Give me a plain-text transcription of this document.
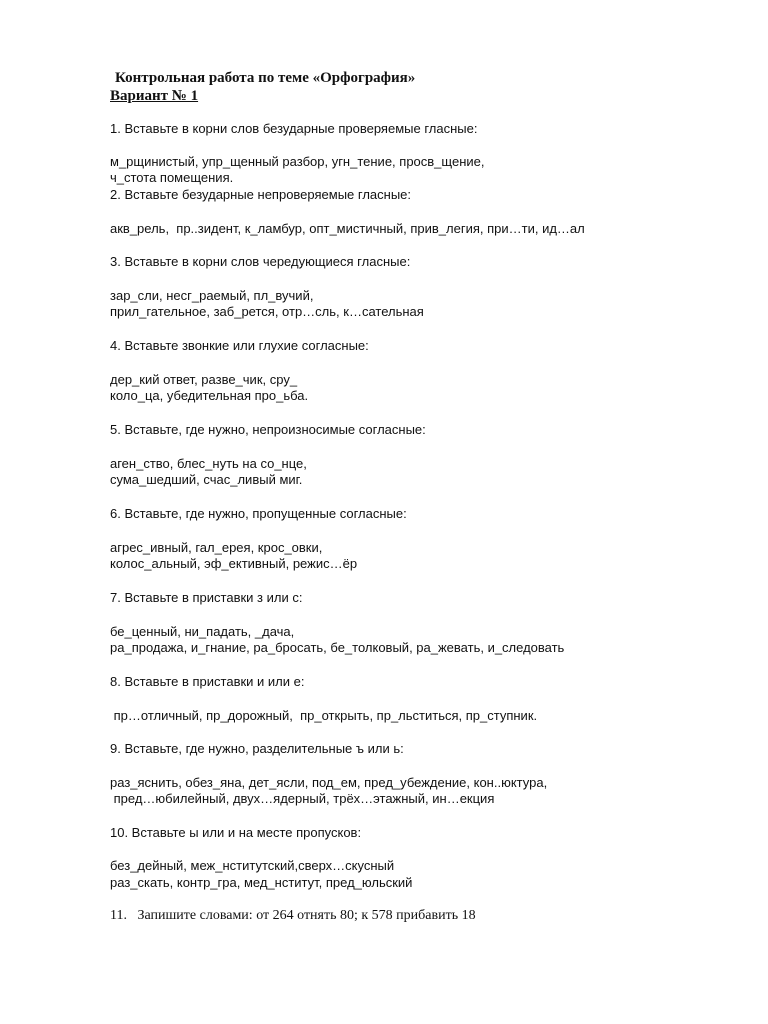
Контрольная работа по теме «Орфография»

Вариант № 1

1. Вставьте в корни слов безударные проверяемые гласные:

м_рщинистый, упр_щенный разбор, угн_тение, просв_щение,

ч_стота помещения.

2. Вставьте безударные непроверяемые гласные:

акв_рель,  пр..зидент, к_ламбур, опт_мистичный, прив_легия, при…ти, ид…ал

3. Вставьте в корни слов чередующиеся гласные:

зар_сли, несг_раемый, пл_вучий,

прил_гательное, заб_рется, отр…сль, к…сательная

4. Вставьте звонкие или глухие согласные:

дер_кий ответ, разве_чик, сру_

коло_ца, убедительная про_ьба.

5. Вставьте, где нужно, непроизносимые согласные:

аген_ство, блес_нуть на со_нце,

сума_шедший, счас_ливый миг.

6. Вставьте, где нужно, пропущенные согласные:

агрес_ивный, гал_ерея, крос_овки,

колос_альный, эф_ективный, режис…ёр

7. Вставьте в приставки з или с:

бе_ценный, ни_падать, _дача,

ра_продажа, и_гнание, ра_бросать, бе_толковый, ра_жевать, и_следовать

8. Вставьте в приставки и или е:

пр…отличный, пр_дорожный,  пр_открыть, пр_льститься, пр_ступник.

9. Вставьте, где нужно, разделительные ъ или ь:

раз_яснить, обез_яна, дет_ясли, под_ем, пред_убеждение, кон..юктура,

пред…юбилейный, двух…ядерный, трёх…этажный, ин…екция

10. Вставьте ы или и на месте пропусков:

без_дейный, меж_нститутский,сверх…скусный

раз_скать, контр_гра, мед_нститут, пред_юльский

11.   Запишите словами: от 264 отнять 80; к 578 прибавить 18
